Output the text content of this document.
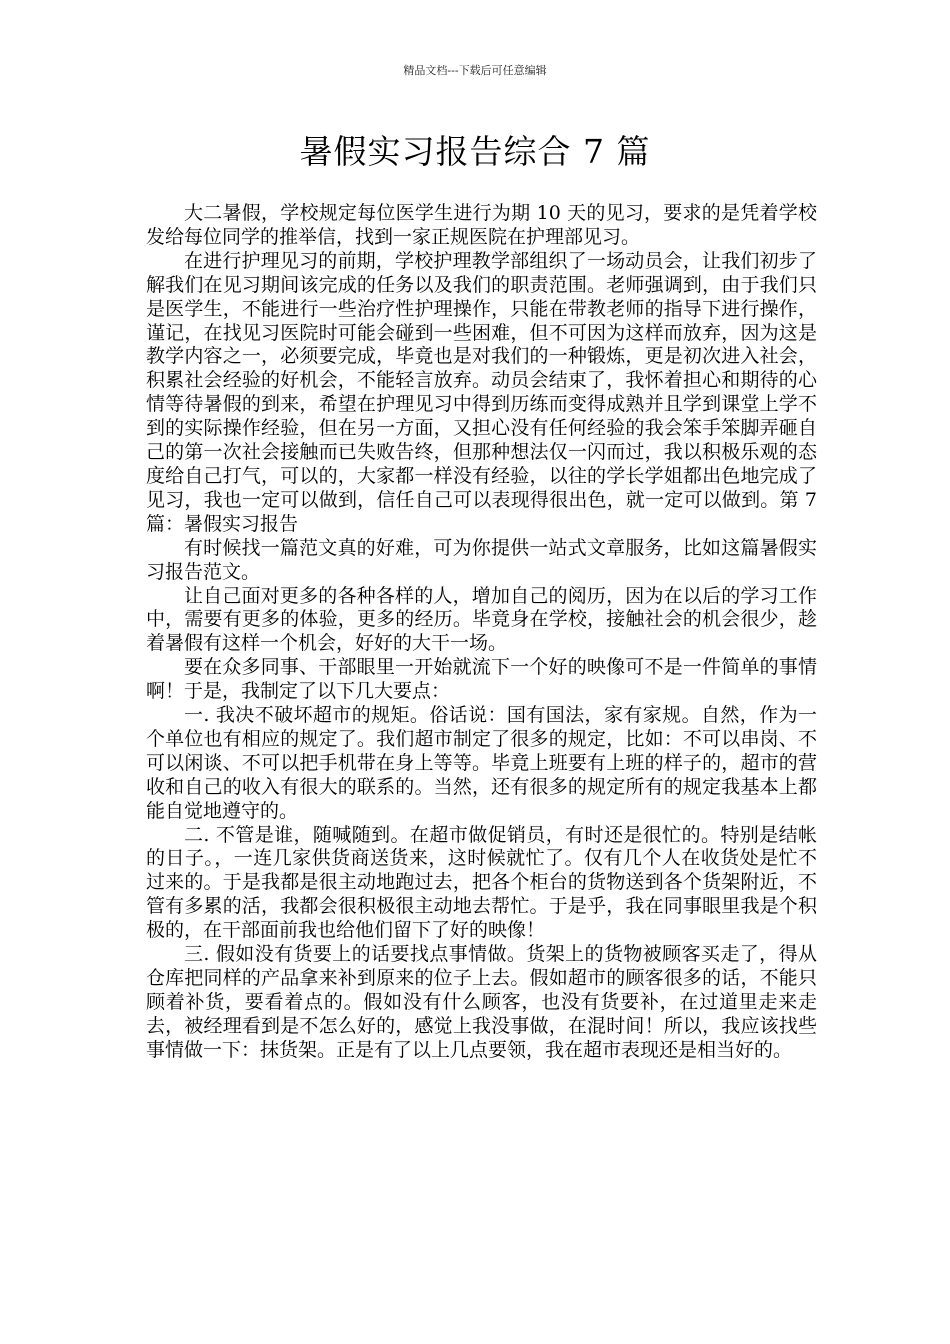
精品文档---下载后可任意编辑
暑假实习报告综合 7 篇

大二暑假，学校规定每位医学生进行为期 10 天的见习，要求的是凭着学校发给每位同学的推举信，找到一家正规医院在护理部见习。

在进行护理见习的前期，学校护理教学部组织了一场动员会，让我们初步了解我们在见习期间该完成的任务以及我们的职责范围。老师强调到，由于我们只是医学生，不能进行一些治疗性护理操作，只能在带教老师的指导下进行操作，谨记，在找见习医院时可能会碰到一些困难，但不可因为这样而放弃，因为这是教学内容之一，必须要完成，毕竟也是对我们的一种锻炼，更是初次进入社会，积累社会经验的好机会，不能轻言放弃。动员会结束了，我怀着担心和期待的心情等待暑假的到来，希望在护理见习中得到历练而变得成熟并且学到课堂上学不到的实际操作经验，但在另一方面，又担心没有任何经验的我会笨手笨脚弄砸自己的第一次社会接触而已失败告终，但那种想法仅一闪而过，我以积极乐观的态度给自己打气，可以的，大家都一样没有经验，以往的学长学姐都出色地完成了见习，我也一定可以做到，信任自己可以表现得很出色，就一定可以做到。第 7 篇：暑假实习报告

有时候找一篇范文真的好难，可为你提供一站式文章服务，比如这篇暑假实习报告范文。

让自己面对更多的各种各样的人，增加自己的阅历，因为在以后的学习工作中，需要有更多的体验，更多的经历。毕竟身在学校，接触社会的机会很少，趁着暑假有这样一个机会，好好的大干一场。

要在众多同事、干部眼里一开始就流下一个好的映像可不是一件简单的事情啊！于是，我制定了以下几大要点：

一. 我决不破坏超市的规矩。俗话说：国有国法，家有家规。自然，作为一个单位也有相应的规定了。我们超市制定了很多的规定，比如：不可以串岗、不可以闲谈、不可以把手机带在身上等等。毕竟上班要有上班的样子的，超市的营收和自己的收入有很大的联系的。当然，还有很多的规定所有的规定我基本上都能自觉地遵守的。

二. 不管是谁，随喊随到。在超市做促销员，有时还是很忙的。特别是结帐的日子。，一连几家供货商送货来，这时候就忙了。仅有几个人在收货处是忙不过来的。于是我都是很主动地跑过去，把各个柜台的货物送到各个货架附近，不管有多累的活，我都会很积极很主动地去帮忙。于是乎，我在同事眼里我是个积极的，在干部面前我也给他们留下了好的映像！

三. 假如没有货要上的话要找点事情做。货架上的货物被顾客买走了，得从仓库把同样的产品拿来补到原来的位子上去。假如超市的顾客很多的话，不能只顾着补货，要看着点的。假如没有什么顾客，也没有货要补，在过道里走来走去，被经理看到是不怎么好的，感觉上我没事做，在混时间！所以，我应该找些事情做一下：抹货架。正是有了以上几点要领，我在超市表现还是相当好的。
